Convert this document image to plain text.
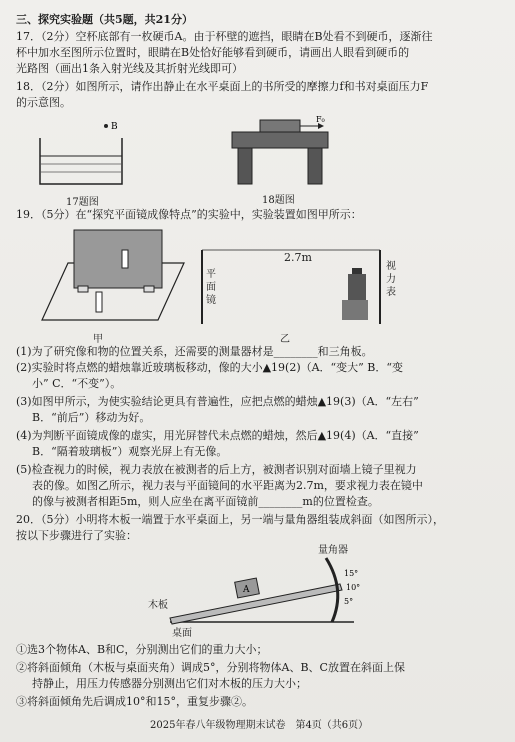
三、探究实验题（共5题，共21分）
17．（2分）空杯底部有一枚硬币A。由于杯壁的遮挡，眼睛在B处看不到硬币，逐渐往
杯中加水至图所示位置时，眼睛在B处恰好能够看到硬币，请画出人眼看到硬币的
光路图（画出1条入射光线及其折射光线即可）
18．（2分）如图所示，请作出静止在水平桌面上的书所受的摩擦力f和书对桌面压力F
的示意图。
B
17题图
F₀
18题图
19．（5分）在“探究平面镜成像特点”的实验中，实验装置如图甲所示：
甲
2.7m
平面镜
视力表
乙
(1)为了研究像和物的位置关系，还需要的测量器材是________和三角板。
(2)实验时将点燃的蜡烛靠近玻璃板移动，像的大小▲19(2)（A．“变大” B．“变
小” C．“不变”）。
(3)如图甲所示，为使实验结论更具有普遍性，应把点燃的蜡烛▲19(3)（A．“左右”
B．“前后”）移动为好。
(4)为判断平面镜成像的虚实，用光屏替代未点燃的蜡烛，然后▲19(4)（A．“直接”
B．“隔着玻璃板”）观察光屏上有无像。
(5)检查视力的时候，视力表放在被测者的后上方，被测者识别对面墙上镜子里视力
表的像。如图乙所示，视力表与平面镜间的水平距离为2.7m，要求视力表在镜中
的像与被测者相距5m，则人应坐在离平面镜前________m的位置检查。
20．（5分）小明将木板一端置于水平桌面上，另一端与量角器组装成斜面（如图所示），
按以下步骤进行了实验：
A
15°
10°
5°
量角器
木板
桌面
①选3个物体A、B和C，分别测出它们的重力大小；
②将斜面倾角（木板与桌面夹角）调成5°，分别将物体A、B、C放置在斜面上保
持静止，用压力传感器分别测出它们对木板的压力大小；
③将斜面倾角先后调成10°和15°，重复步骤②。
2025年春八年级物理期末试卷　第4页（共6页）
